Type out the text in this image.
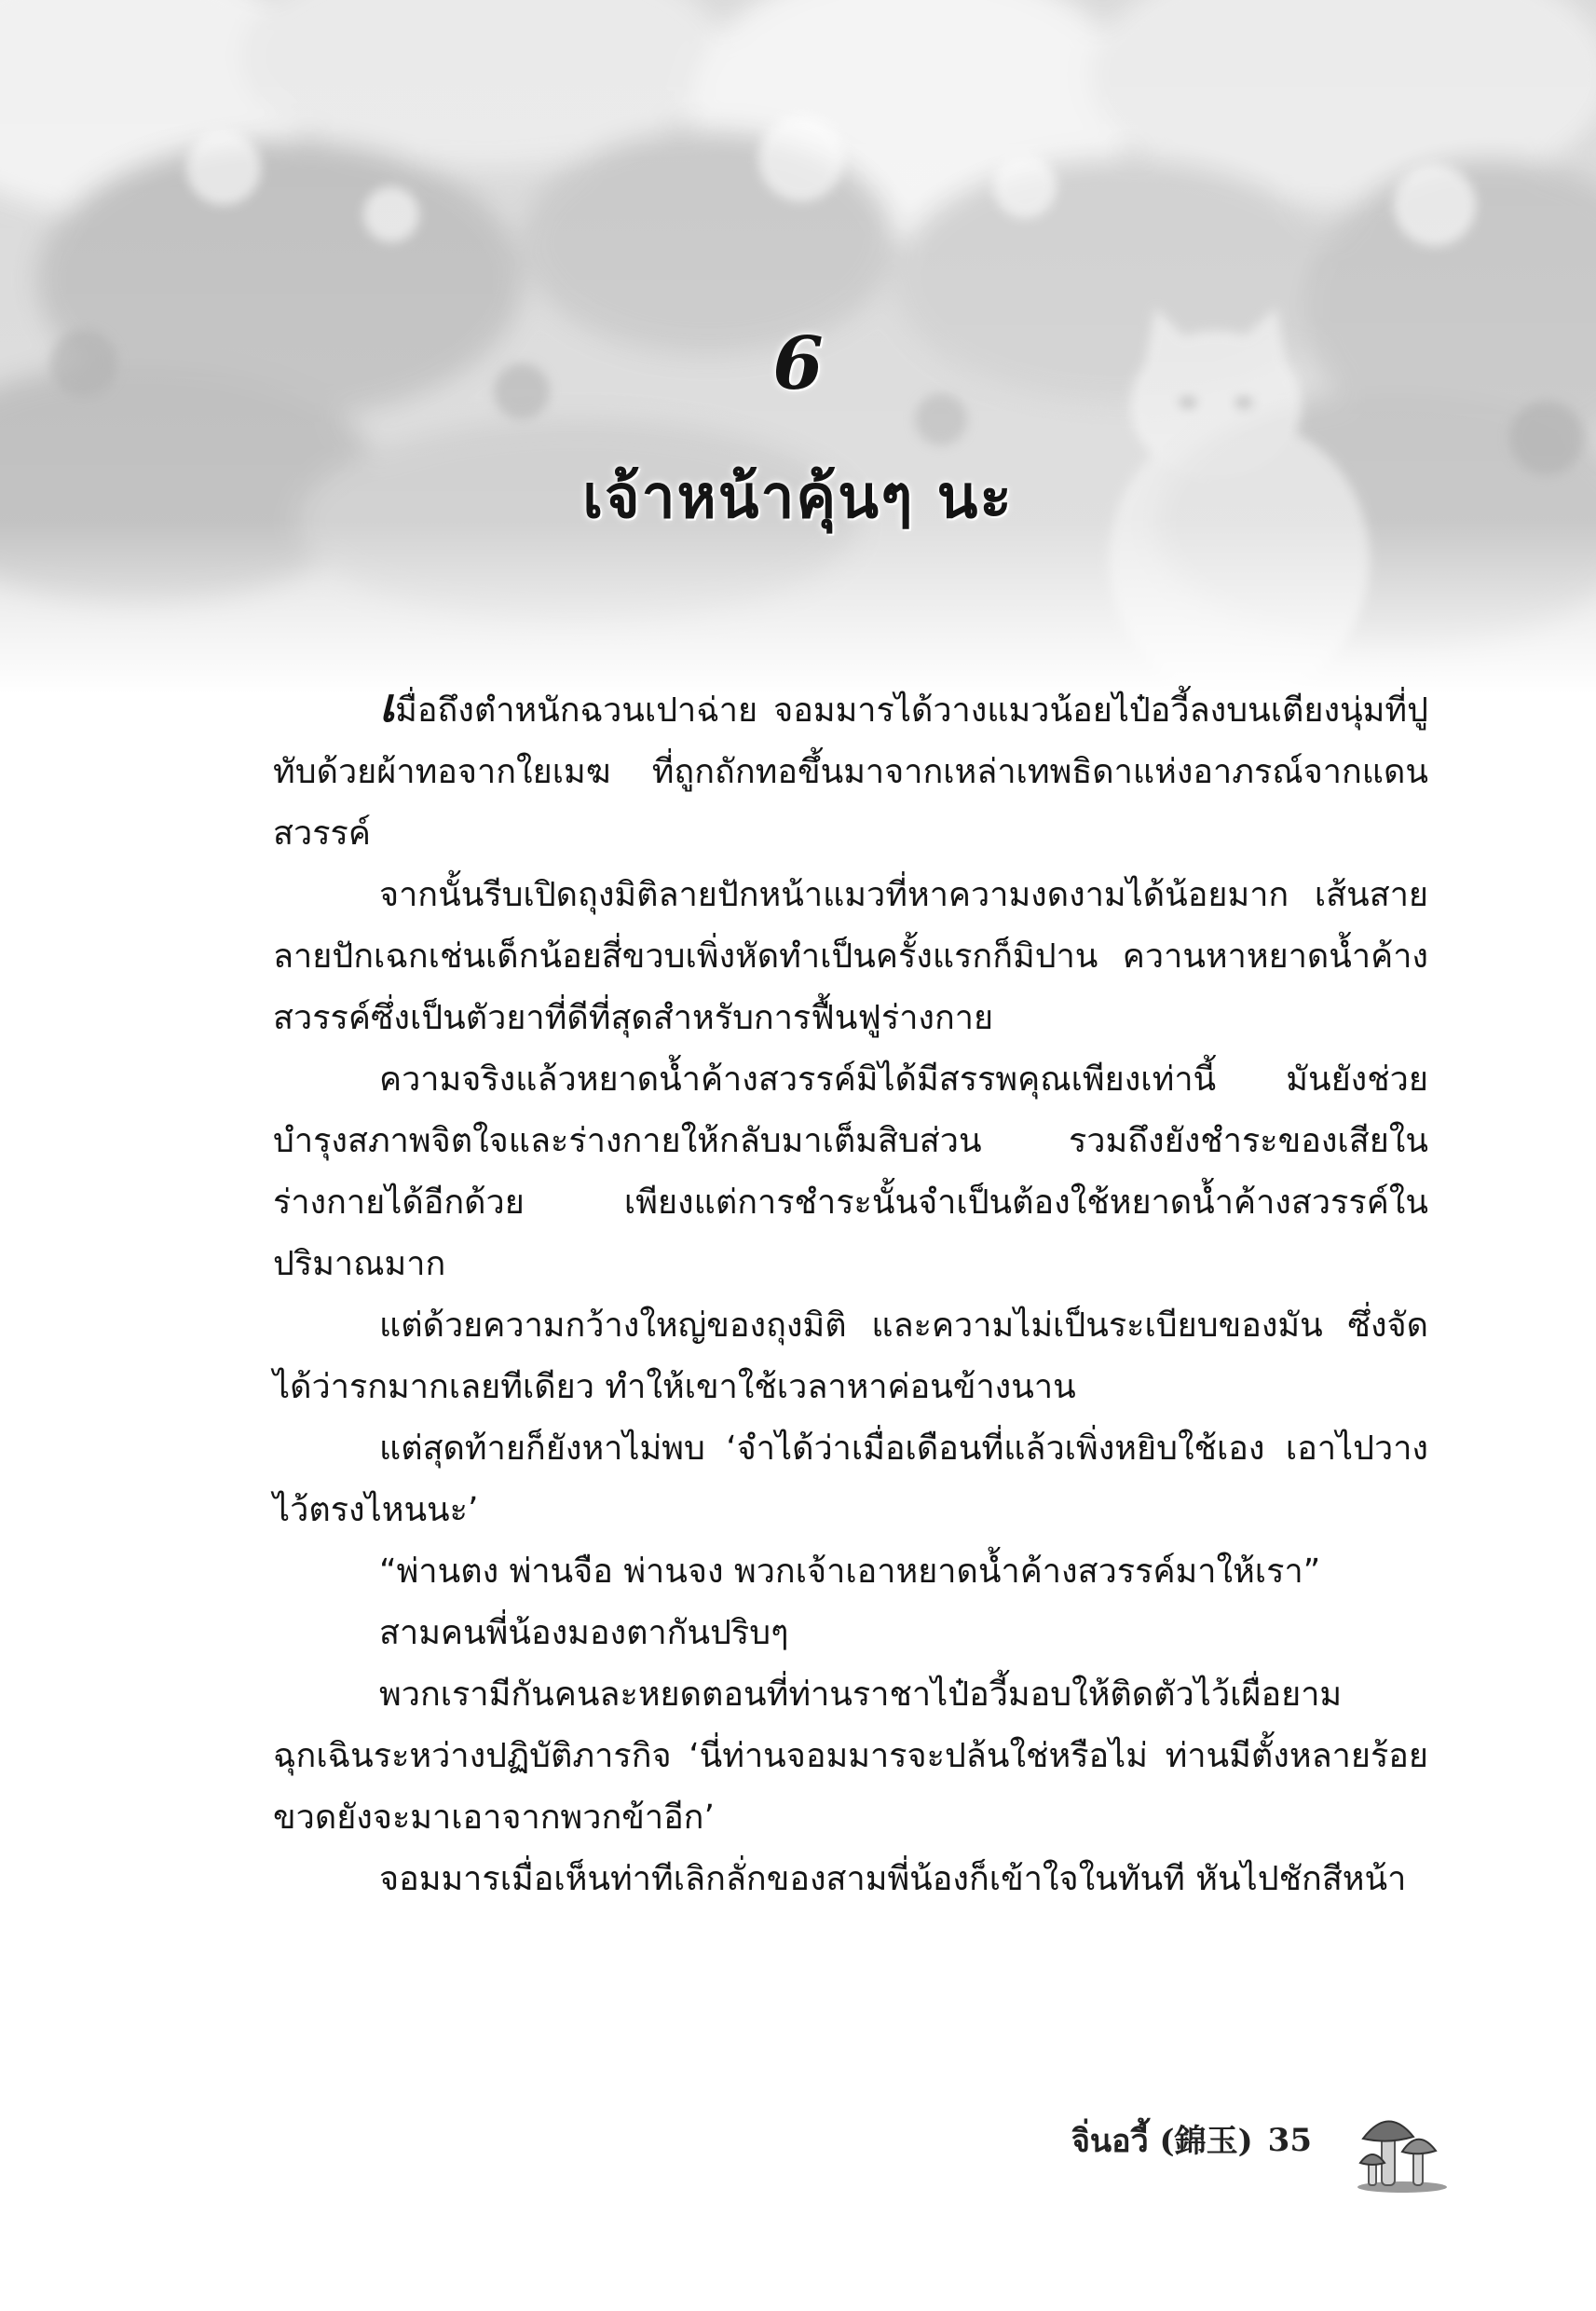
6
เจ้าหน้าคุ้นๆ นะ

เมื่อถึงตำหนักฉวนเปาฉ่าย จอมมารได้วางแมวน้อยไป๋อวี้ลงบนเตียงนุ่มที่ปูทับด้วยผ้าทอจากใยเมฆ ที่ถูกถักทอขึ้นมาจากเหล่าเทพธิดาแห่งอาภรณ์จากแดนสวรรค์

จากนั้นรีบเปิดถุงมิติลายปักหน้าแมวที่หาความงดงามได้น้อยมาก เส้นสายลายปักเฉกเช่นเด็กน้อยสี่ขวบเพิ่งหัดทำเป็นครั้งแรกก็มิปาน ควานหาหยาดน้ำค้างสวรรค์ซึ่งเป็นตัวยาที่ดีที่สุดสำหรับการฟื้นฟูร่างกาย

ความจริงแล้วหยาดน้ำค้างสวรรค์มิได้มีสรรพคุณเพียงเท่านี้ มันยังช่วยบำรุงสภาพจิตใจและร่างกายให้กลับมาเต็มสิบส่วน รวมถึงยังชำระของเสียในร่างกายได้อีกด้วย เพียงแต่การชำระนั้นจำเป็นต้องใช้หยาดน้ำค้างสวรรค์ในปริมาณมาก

แต่ด้วยความกว้างใหญ่ของถุงมิติ และความไม่เป็นระเบียบของมัน ซึ่งจัดได้ว่ารกมากเลยทีเดียว ทำให้เขาใช้เวลาหาค่อนข้างนาน

แต่สุดท้ายก็ยังหาไม่พบ ‘จำได้ว่าเมื่อเดือนที่แล้วเพิ่งหยิบใช้เอง เอาไปวางไว้ตรงไหนนะ’

“พ่านตง พ่านจือ พ่านจง พวกเจ้าเอาหยาดน้ำค้างสวรรค์มาให้เรา”

สามคนพี่น้องมองตากันปริบๆ

พวกเรามีกันคนละหยดตอนที่ท่านราชาไป๋อวี้มอบให้ติดตัวไว้เผื่อยามฉุกเฉินระหว่างปฏิบัติภารกิจ ‘นี่ท่านจอมมารจะปล้นใช่หรือไม่ ท่านมีตั้งหลายร้อยขวดยังจะมาเอาจากพวกข้าอีก’

จอมมารเมื่อเห็นท่าทีเลิกลั่กของสามพี่น้องก็เข้าใจในทันที หันไปชักสีหน้า

จิ่นอวี้ (錦玉) 35
